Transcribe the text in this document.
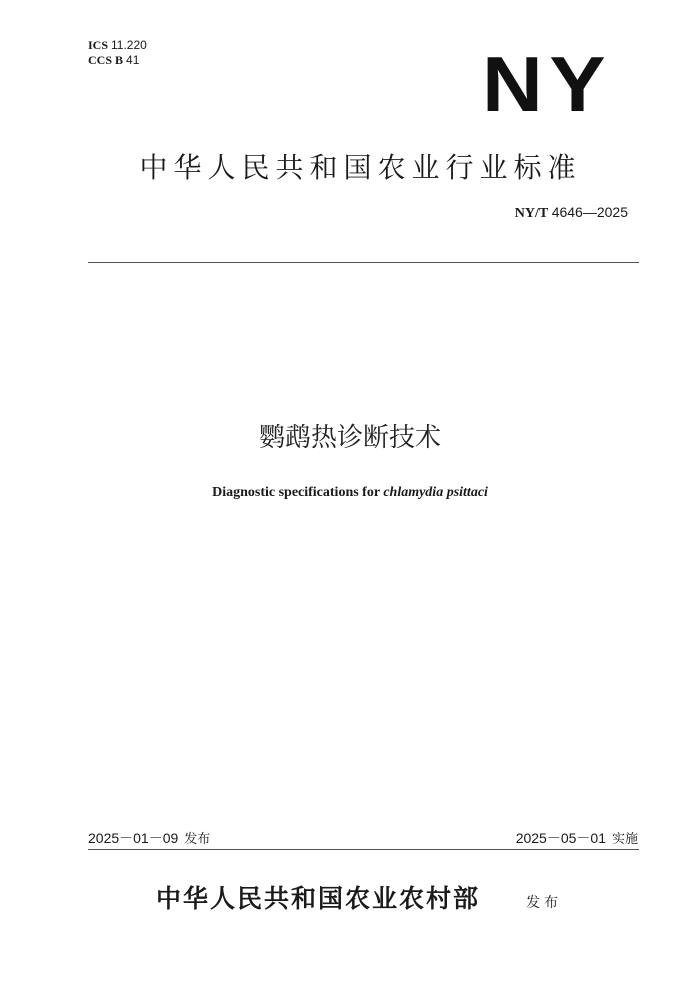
ICS 11.220
CCS B 41	NY
中华人民共和国农业行业标准
NY/T 4646—2025
鹦鹉热诊断技术
Diagnostic specifications for chlamydia psittaci
2025－01－09 发布	2025－05－01 实施
中华人民共和国农业农村部	发布
